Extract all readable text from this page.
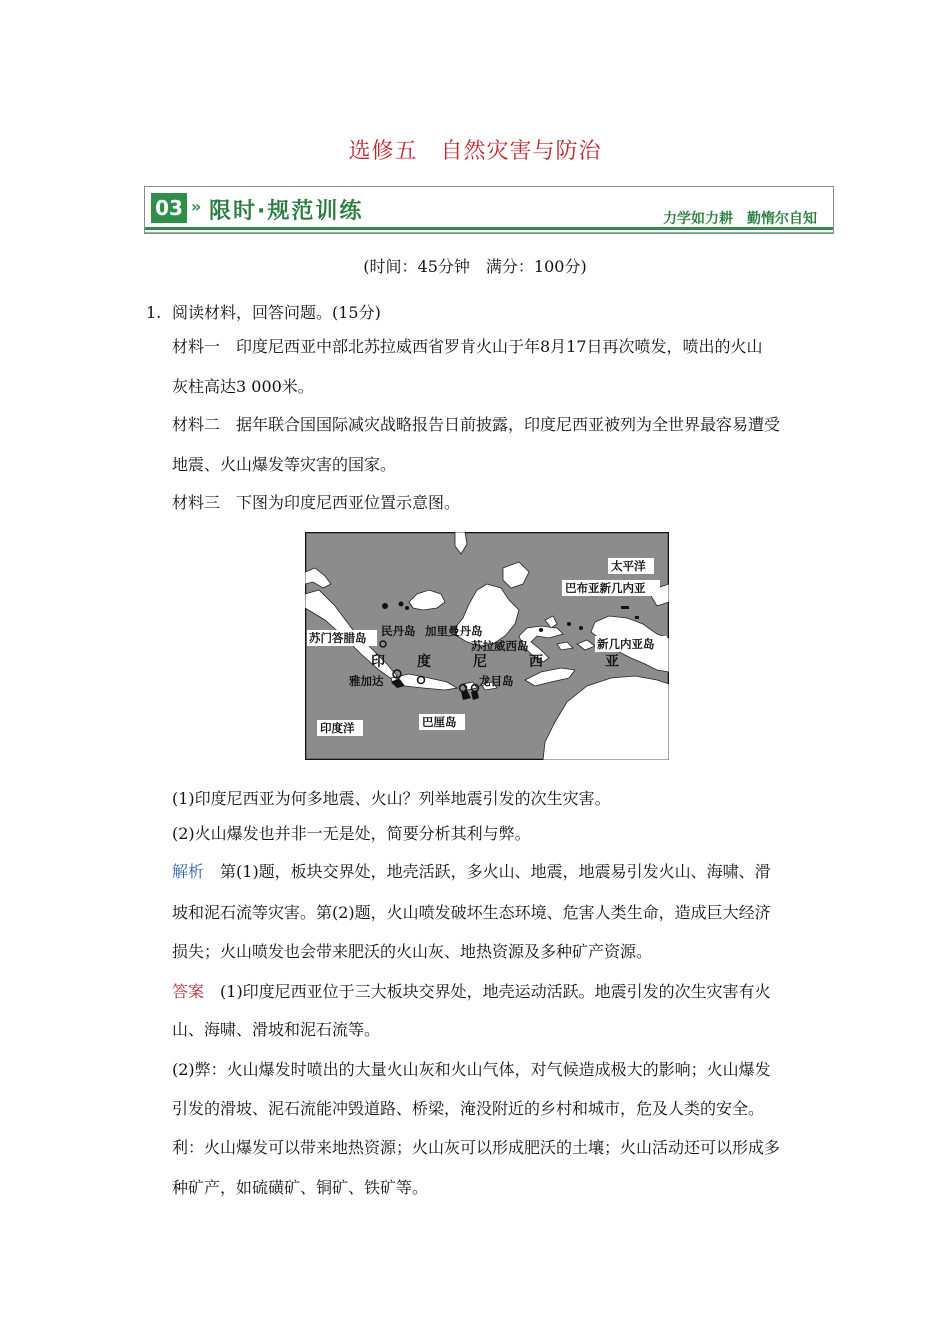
选修五　自然灾害与防治
03 » 限时·规范训练	力学如力耕　勤惰尔自知
(时间：45分钟　满分：100分)
1. 阅读材料，回答问题。(15分)
材料一　印度尼西亚中部北苏拉威西省罗肯火山于年8月17日再次喷发，喷出的火山
灰柱高达3 000米。
材料二　据年联合国国际减灾战略报告日前披露，印度尼西亚被列为全世界最容易遭受
地震、火山爆发等灾害的国家。
材料三　下图为印度尼西亚位置示意图。
太平洋
巴布亚新几内亚
苏门答腊岛 民丹岛 加里曼丹岛
苏拉威西岛	新几内亚岛
雅加达	龙目岛
巴厘岛
印度洋
印 度	尼	西	亚
(1)印度尼西亚为何多地震、火山？列举地震引发的次生灾害。
(2)火山爆发也并非一无是处，简要分析其利与弊。
解析　第(1)题，板块交界处，地壳活跃，多火山、地震，地震易引发火山、海啸、滑
坡和泥石流等灾害。第(2)题，火山喷发破坏生态环境、危害人类生命，造成巨大经济
损失；火山喷发也会带来肥沃的火山灰、地热资源及多种矿产资源。
答案　(1)印度尼西亚位于三大板块交界处，地壳运动活跃。地震引发的次生灾害有火
山、海啸、滑坡和泥石流等。
(2)弊：火山爆发时喷出的大量火山灰和火山气体，对气候造成极大的影响；火山爆发
引发的滑坡、泥石流能冲毁道路、桥梁，淹没附近的乡村和城市，危及人类的安全。
利：火山爆发可以带来地热资源；火山灰可以形成肥沃的土壤；火山活动还可以形成多
种矿产，如硫磺矿、铜矿、铁矿等。
